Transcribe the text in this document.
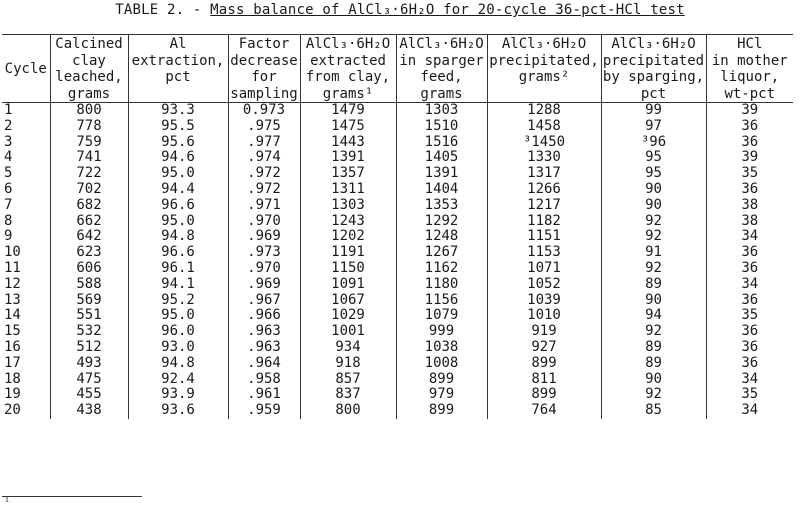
TABLE 2. - Mass balance of AlCl₃·6H₂O for 20-cycle 36-pct-HCl test
Cycle	Calcined
clay
leached,
grams	Al
extraction,
pct	Factor
decrease
for
sampling	AlCl₃·6H₂O
extracted
from clay,
grams¹	AlCl₃·6H₂O
in sparger
feed,
grams	AlCl₃·6H₂O
precipitated,
grams²	AlCl₃·6H₂O
precipitated
by sparging,
pct	HCl
in mother
liquor,
wt-pct

1	800	93.3	0.973	1479	1303	1288	99	39
2	778	95.5	.975	1475	1510	1458	97	36
3	759	95.6	.977	1443	1516	³1450	³96	36
4	741	94.6	.974	1391	1405	1330	95	39
5	722	95.0	.972	1357	1391	1317	95	35
6	702	94.4	.972	1311	1404	1266	90	36
7	682	96.6	.971	1303	1353	1217	90	38
8	662	95.0	.970	1243	1292	1182	92	38
9	642	94.8	.969	1202	1248	1151	92	34
10	623	96.6	.973	1191	1267	1153	91	36
11	606	96.1	.970	1150	1162	1071	92	36
12	588	94.1	.969	1091	1180	1052	89	34
13	569	95.2	.967	1067	1156	1039	90	36
14	551	95.0	.966	1029	1079	1010	94	35
15	532	96.0	.963	1001	999	919	92	36
16	512	93.0	.963	934	1038	927	89	36
17	493	94.8	.964	918	1008	899	89	36
18	475	92.4	.958	857	899	811	90	34
19	455	93.9	.961	837	979	899	92	35
20	438	93.6	.959	800	899	764	85	34
¹
